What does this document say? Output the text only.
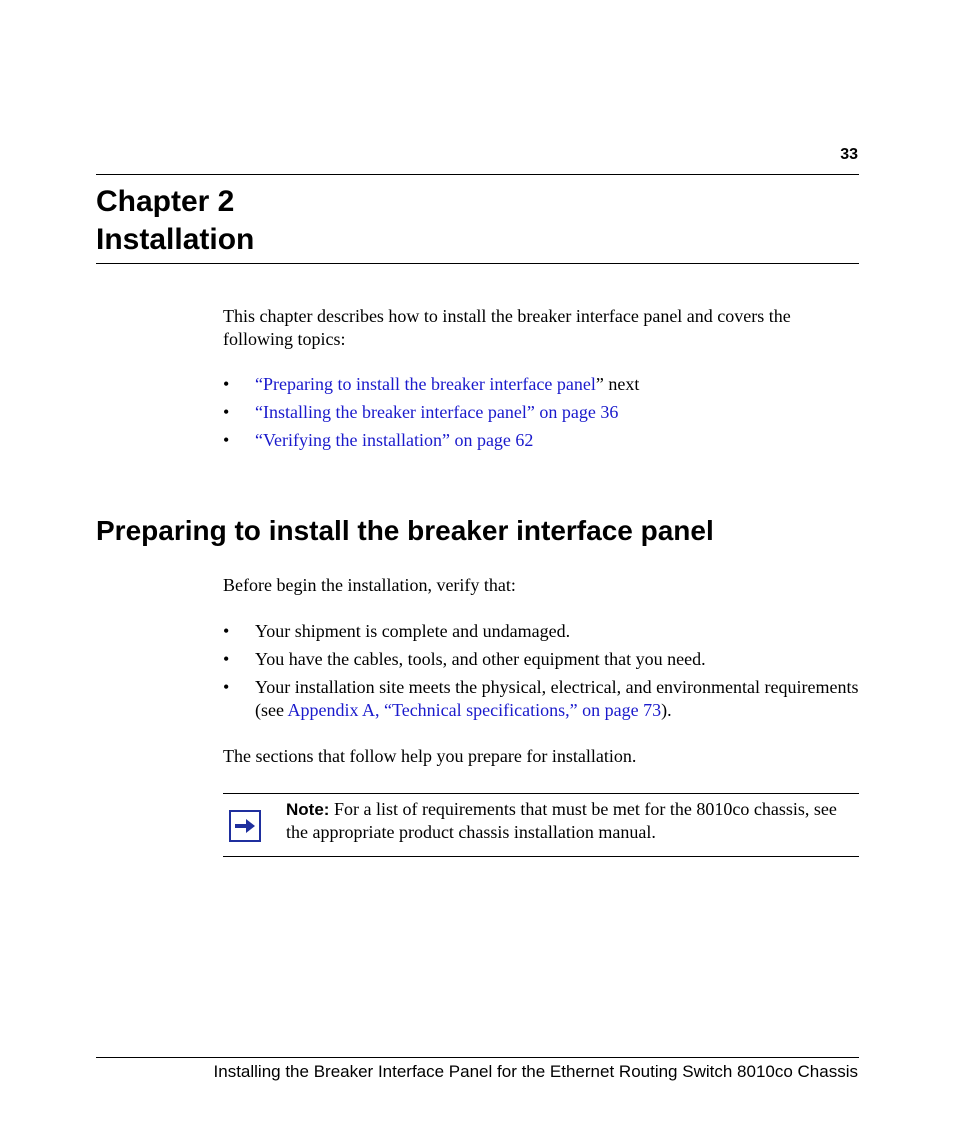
33
Chapter 2
Installation

This chapter describes how to install the breaker interface panel and covers the following topics:

• “Preparing to install the breaker interface panel” next
• “Installing the breaker interface panel” on page 36
• “Verifying the installation” on page 62
Preparing to install the breaker interface panel

Before begin the installation, verify that:

• Your shipment is complete and undamaged.
• You have the cables, tools, and other equipment that you need.
• Your installation site meets the physical, electrical, and environmental requirements (see Appendix A, “Technical specifications,” on page 73).

The sections that follow help you prepare for installation.

Note: For a list of requirements that must be met for the 8010co chassis, see the appropriate product chassis installation manual.

Installing the Breaker Interface Panel for the Ethernet Routing Switch 8010co Chassis
